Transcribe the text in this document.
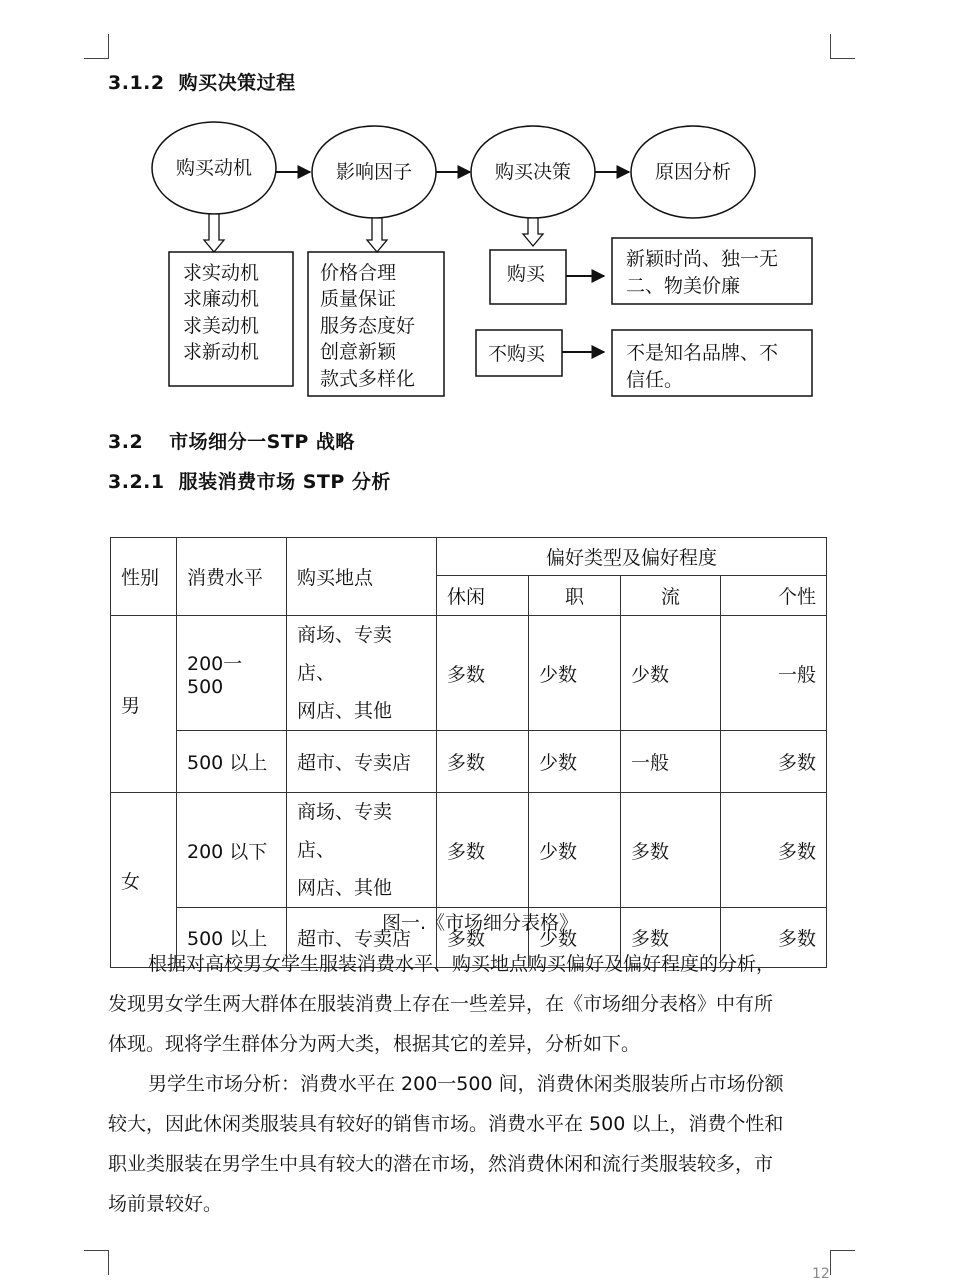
3.1.2 购买决策过程
购买动机	影响因子	购买决策	原因分析
求实动机
求廉动机
求美动机
求新动机
价格合理
质量保证
服务态度好
创意新颖
款式多样化
购买
新颖时尚、独一无
二、物美价廉
不购买	不是知名品牌、不
信任。
3.2 市场细分一STP 战略
3.2.1 服装消费市场 STP 分析
性别	消费水平	购买地点	偏好类型及偏好程度			
			休闲	职	流	个性
男	200一500	商场、专卖店、
网店、其他	多数	少数	少数	一般
	500 以上	超市、专卖店	多数	少数	一般	多数
女	200 以下	商场、专卖店、
网店、其他	多数	少数	多数	多数
	500 以上	超市、专卖店	多数	少数	多数	多数
图一.《市场细分表格》
根据对高校男女学生服装消费水平、购买地点购买偏好及偏好程度的分析，
发现男女学生两大群体在服装消费上存在一些差异，在《市场细分表格》中有所
体现。现将学生群体分为两大类，根据其它的差异，分析如下。
男学生市场分析：消费水平在 200一500 间，消费休闲类服装所占市场份额
较大，因此休闲类服装具有较好的销售市场。消费水平在 500 以上，消费个性和
职业类服装在男学生中具有较大的潜在市场，然消费休闲和流行类服装较多，市
场前景较好。
12
